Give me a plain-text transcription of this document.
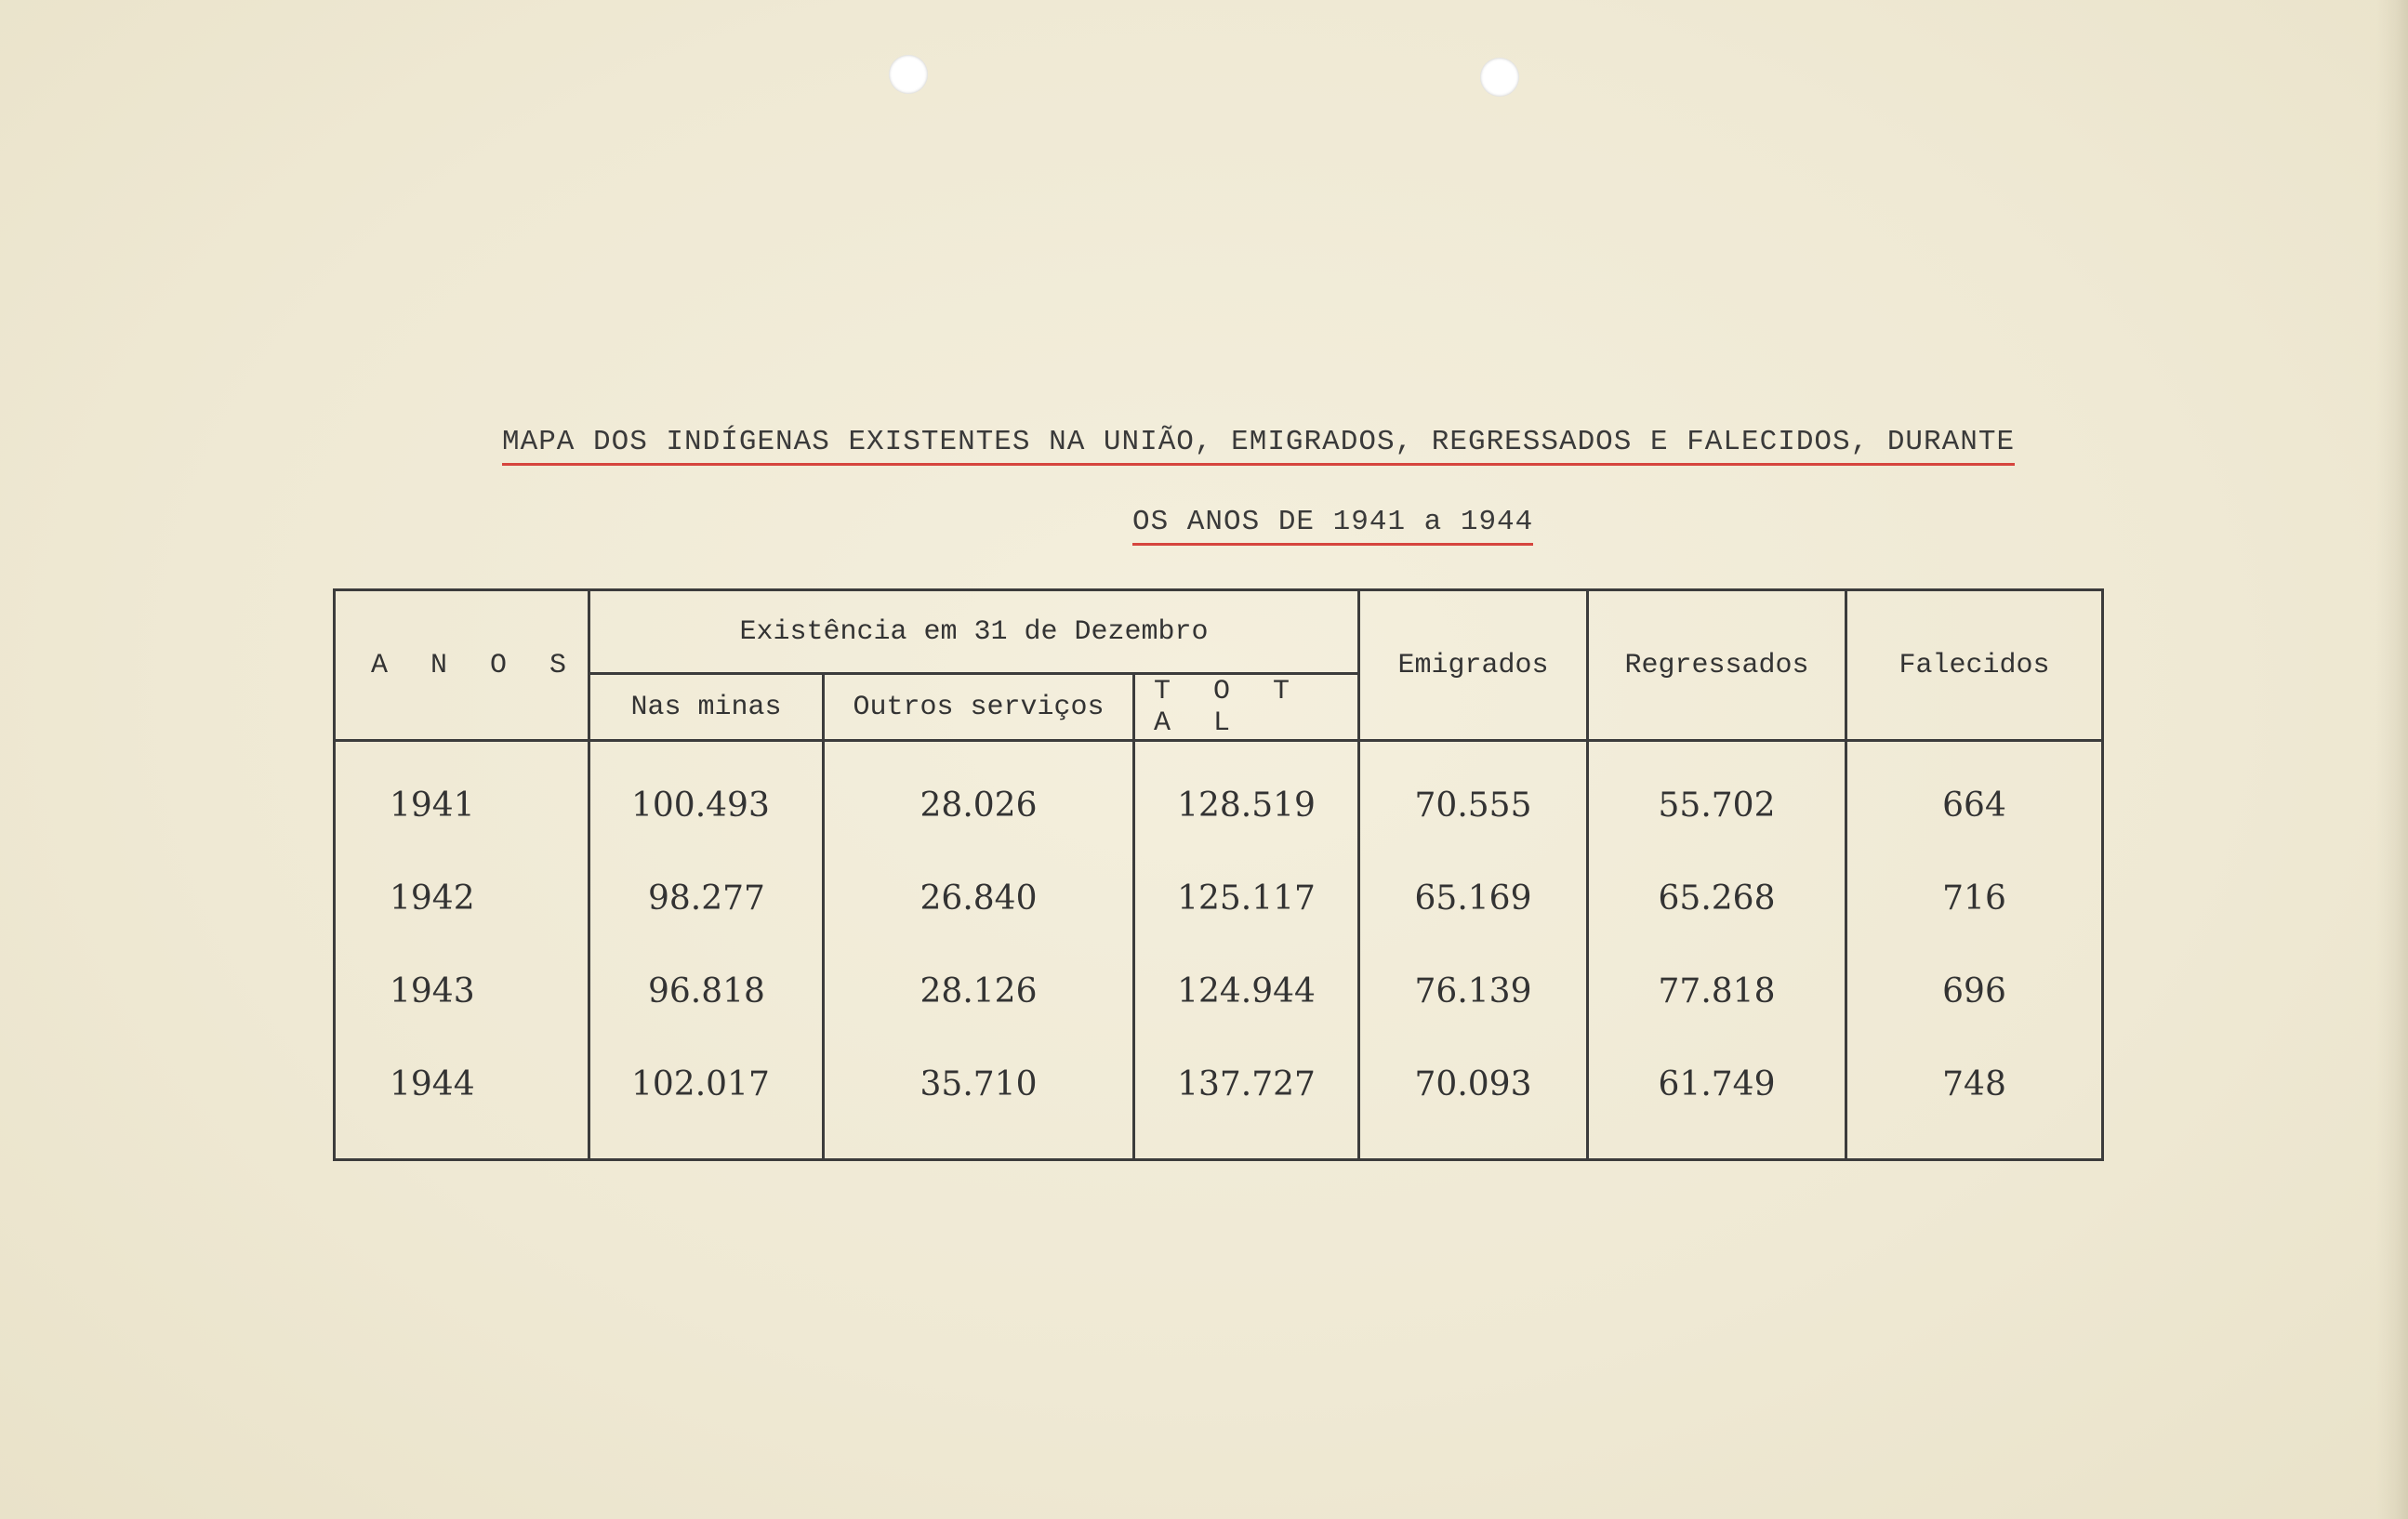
MAPA DOS INDÍGENAS EXISTENTES NA UNIÃO, EMIGRADOS, REGRESSADOS E FALECIDOS, DURANTE
OS ANOS DE 1941 a 1944
A N O S	Existência em 31 de Dezembro			Emigrados	Regressados	Falecidos
	Nas minas	Outros serviços	T O T A L			
1941	100.493	28.026	128.519	70.555	55.702	664
1942	98.277	26.840	125.117	65.169	65.268	716
1943	96.818	28.126	124.944	76.139	77.818	696
1944	102.017	35.710	137.727	70.093	61.749	748
